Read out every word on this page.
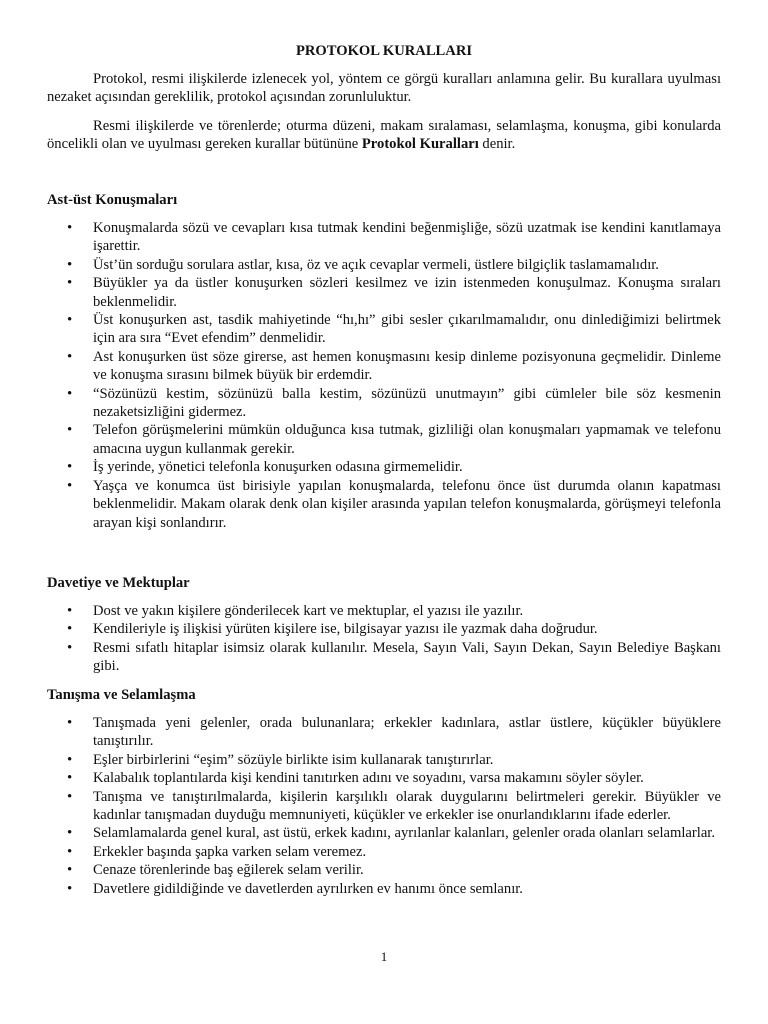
PROTOKOL KURALLARI

Protokol, resmi ilişkilerde izlenecek yol, yöntem ce görgü kuralları anlamına gelir. Bu kurallara uyulması nezaket açısından gereklilik, protokol açısından zorunluluktur.

Resmi ilişkilerde ve törenlerde; oturma düzeni, makam sıralaması, selamlaşma, konuşma, gibi konularda öncelikli olan ve uyulması gereken kurallar bütününe Protokol Kuralları denir.

Ast-üst Konuşmaları
• Konuşmalarda sözü ve cevapları kısa tutmak kendini beğenmişliğe, sözü uzatmak ise kendini kanıtlamaya işarettir.
• Üst’ün sorduğu sorulara astlar, kısa, öz ve açık cevaplar vermeli, üstlere bilgiçlik taslamamalıdır.
• Büyükler ya da üstler konuşurken sözleri kesilmez ve izin istenmeden konuşulmaz. Konuşma sıraları beklenmelidir.
• Üst konuşurken ast, tasdik mahiyetinde “hı,hı” gibi sesler çıkarılmamalıdır, onu dinlediğimizi belirtmek için ara sıra “Evet efendim” denmelidir.
• Ast konuşurken üst söze girerse, ast hemen konuşmasını kesip dinleme pozisyonuna geçmelidir. Dinleme ve konuşma sırasını bilmek büyük bir erdemdir.
• “Sözünüzü kestim, sözünüzü balla kestim, sözünüzü unutmayın” gibi cümleler bile söz kesmenin nezaketsizliğini gidermez.
• Telefon görüşmelerini mümkün olduğunca kısa tutmak, gizliliği olan konuşmaları yapmamak ve telefonu amacına uygun kullanmak gerekir.
• İş yerinde, yönetici telefonla konuşurken odasına girmemelidir.
• Yaşça ve konumca üst birisiyle yapılan konuşmalarda, telefonu önce üst durumda olanın kapatması beklenmelidir. Makam olarak denk olan kişiler arasında yapılan telefon konuşmalarda, görüşmeyi telefonla arayan kişi sonlandırır.
Davetiye ve Mektuplar
• Dost ve yakın kişilere gönderilecek kart ve mektuplar, el yazısı ile yazılır.
• Kendileriyle iş ilişkisi yürüten kişilere ise, bilgisayar yazısı ile yazmak daha doğrudur.
• Resmi sıfatlı hitaplar isimsiz olarak kullanılır. Mesela, Sayın Vali, Sayın Dekan, Sayın Belediye Başkanı gibi.
Tanışma ve Selamlaşma
• Tanışmada yeni gelenler, orada bulunanlara; erkekler kadınlara, astlar üstlere, küçükler büyüklere tanıştırılır.
• Eşler birbirlerini “eşim” sözüyle birlikte isim kullanarak tanıştırırlar.
• Kalabalık toplantılarda kişi kendini tanıtırken adını ve soyadını, varsa makamını söyler söyler.
• Tanışma ve tanıştırılmalarda, kişilerin karşılıklı olarak duygularını belirtmeleri gerekir. Büyükler ve kadınlar tanışmadan duyduğu memnuniyeti, küçükler ve erkekler ise onurlandıklarını ifade ederler.
• Selamlamalarda genel kural, ast üstü, erkek kadını, ayrılanlar kalanları, gelenler orada olanları selamlarlar.
• Erkekler başında şapka varken selam veremez.
• Cenaze törenlerinde baş eğilerek selam verilir.
• Davetlere gidildiğinde ve davetlerden ayrılırken ev hanımı önce semlanır.
1
